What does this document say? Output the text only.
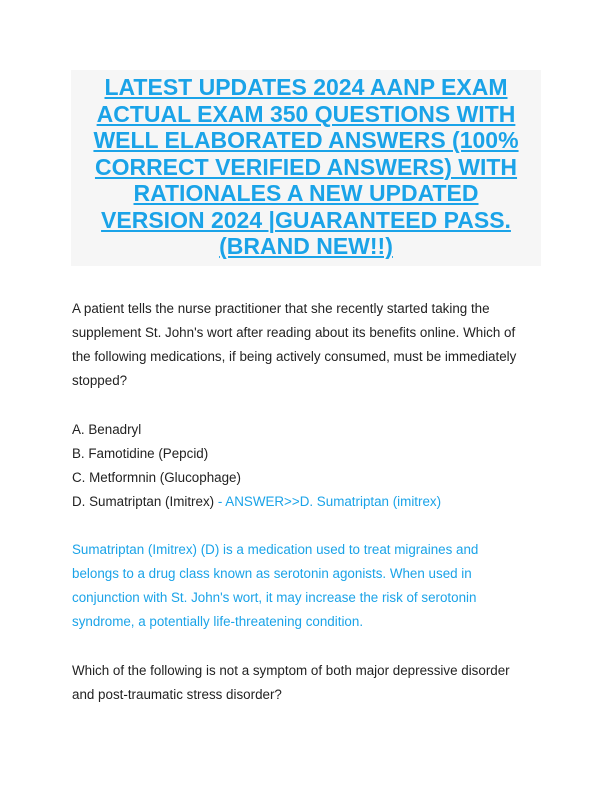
LATEST UPDATES 2024 AANP EXAM
ACTUAL EXAM 350 QUESTIONS WITH
WELL ELABORATED ANSWERS (100%
CORRECT VERIFIED ANSWERS) WITH
RATIONALES A NEW UPDATED
VERSION 2024 |GUARANTEED PASS.
(BRAND NEW!!)
A patient tells the nurse practitioner that she recently started taking the
supplement St. John's wort after reading about its benefits online. Which of
the following medications, if being actively consumed, must be immediately
stopped?
A. Benadryl
B. Famotidine (Pepcid)
C. Metformnin (Glucophage)
D. Sumatriptan (Imitrex) - ANSWER>>D. Sumatriptan (imitrex)
Sumatriptan (Imitrex) (D) is a medication used to treat migraines and
belongs to a drug class known as serotonin agonists. When used in
conjunction with St. John's wort, it may increase the risk of serotonin
syndrome, a potentially life-threatening condition.
Which of the following is not a symptom of both major depressive disorder
and post-traumatic stress disorder?
